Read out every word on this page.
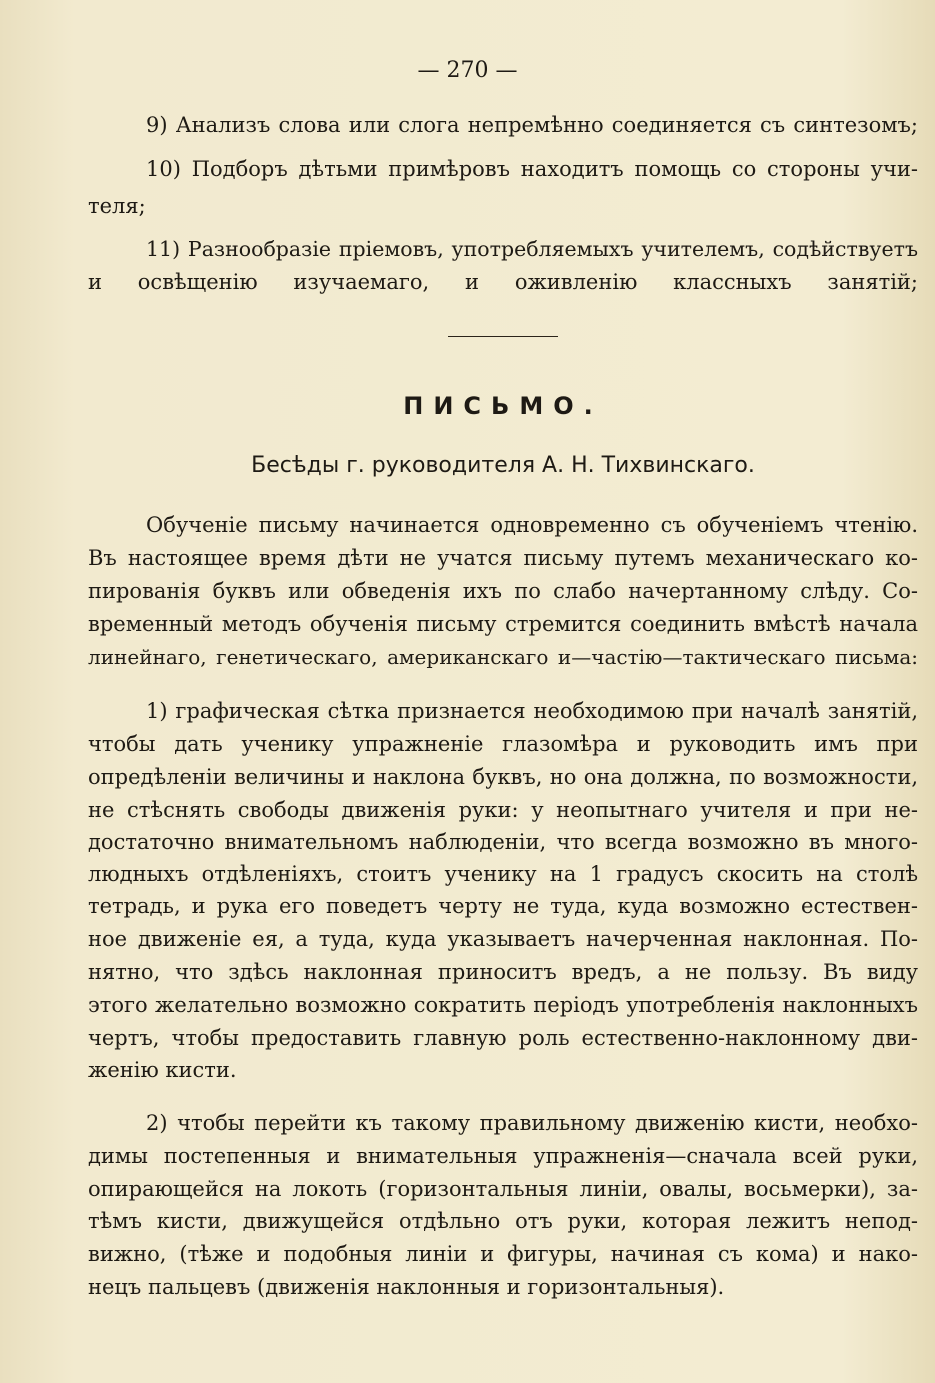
— 270 —
9) Анализъ слова или слога непремѣнно соединяется съ синтезомъ;
10) Подборъ дѣтьми примѣровъ находитъ помощь со стороны учи-
теля;
11) Разнообразіе пріемовъ, употребляемыхъ учителемъ, содѣйствуетъ
и освѣщенію изучаемаго, и оживленію классныхъ занятій;
ПИСЬМО.
Бесѣды г. руководителя А. Н. Тихвинскаго.
Обученіе письму начинается одновременно съ обученіемъ чтенію.
Въ настоящее время дѣти не учатся письму путемъ механическаго ко-
пированія буквъ или обведенія ихъ по слабо начертанному слѣду. Со-
временный методъ обученія письму стремится соединить вмѣстѣ начала
линейнаго, генетическаго, американскаго и—частію—тактическаго письма:
1) графическая сѣтка признается необходимою при началѣ занятій,
чтобы дать ученику упражненіе глазомѣра и руководить имъ при
опредѣленіи величины и наклона буквъ, но она должна, по возможности,
не стѣснять свободы движенія руки: у неопытнаго учителя и при не-
достаточно внимательномъ наблюденіи, что всегда возможно въ много-
людныхъ отдѣленіяхъ, стоитъ ученику на 1 градусъ скосить на столѣ
тетрадь, и рука его поведетъ черту не туда, куда возможно естествен-
ное движеніе ея, а туда, куда указываетъ начерченная наклонная. По-
нятно, что здѣсь наклонная приноситъ вредъ, а не пользу. Въ виду
этого желательно возможно сократить періодъ употребленія наклонныхъ
чертъ, чтобы предоставить главную роль естественно-наклонному дви-
женію кисти.
2) чтобы перейти къ такому правильному движенію кисти, необхо-
димы постепенныя и внимательныя упражненія—сначала всей руки,
опирающейся на локоть (горизонтальныя линіи, овалы, восьмерки), за-
тѣмъ кисти, движущейся отдѣльно отъ руки, которая лежитъ непод-
вижно, (тѣже и подобныя линіи и фигуры, начиная съ кома) и нако-
нецъ пальцевъ (движенія наклонныя и горизонтальныя).
